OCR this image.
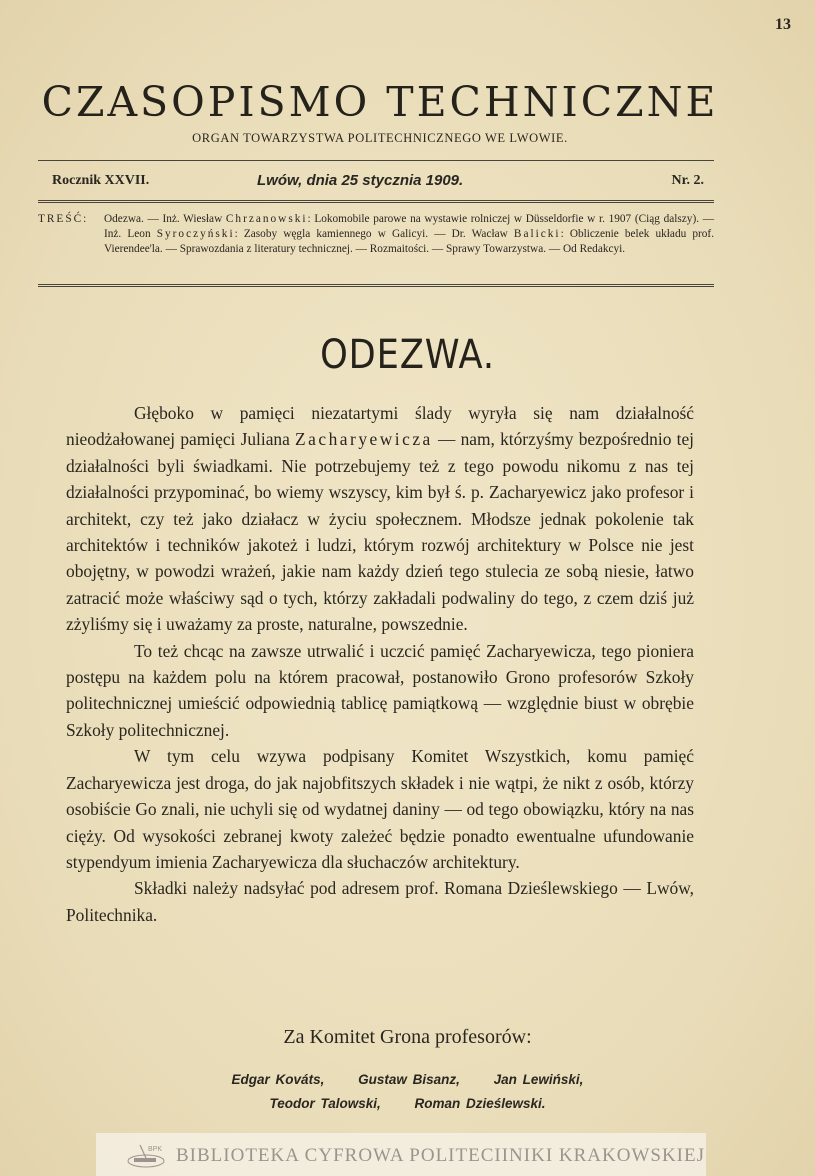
13
CZASOPISMO TECHNICZNE
ORGAN TOWARZYSTWA POLITECHNICZNEGO WE LWOWIE.
Rocznik XXVII.	Lwów, dnia 25 stycznia 1909.	Nr. 2.
TREŚĆ: Odezwa. — Inż. Wiesław Chrzanowski: Lokomobile parowe na wystawie rolniczej w Düsseldorfie w r. 1907 (Ciąg dalszy). — Inż. Leon Syroczyński: Zasoby węgla kamiennego w Galicyi. — Dr. Wacław Balicki: Obliczenie belek układu prof. Vierendee'la. — Sprawozdania z literatury technicznej. — Rozmaitości. — Sprawy Towarzystwa. — Od Redakcyi.
ODEZWA.

Głęboko w pamięci niezatartymi ślady wyryła się nam działalność nieodżałowanej pamięci Juliana Zacharyewicza — nam, którzyśmy bezpośrednio tej działalności byli świadkami. Nie potrzebujemy też z tego powodu nikomu z nas tej działalności przypominać, bo wiemy wszyscy, kim był ś. p. Zacharyewicz jako profesor i architekt, czy też jako działacz w życiu społecznem. Młodsze jednak pokolenie tak architektów i techników jakoteż i ludzi, którym rozwój architektury w Polsce nie jest obojętny, w powodzi wrażeń, jakie nam każdy dzień tego stulecia ze sobą niesie, łatwo zatracić może właściwy sąd o tych, którzy zakładali podwaliny do tego, z czem dziś już zżyliśmy się i uważamy za proste, naturalne, powszednie.

To też chcąc na zawsze utrwalić i uczcić pamięć Zacharyewicza, tego pioniera postępu na każdem polu na którem pracował, postanowiło Grono profesorów Szkoły politechnicznej umieścić odpowiednią tablicę pamiątkową — względnie biust w obrębie Szkoły politechnicznej.

W tym celu wzywa podpisany Komitet Wszystkich, komu pamięć Zacharyewicza jest droga, do jak najobfitszych składek i nie wątpi, że nikt z osób, którzy osobiście Go znali, nie uchyli się od wydatnej daniny — od tego obowiązku, który na nas cięży. Od wysokości zebranej kwoty zależeć będzie ponadto ewentualne ufundowanie stypendyum imienia Zacharyewicza dla słuchaczów architektury.

Składki należy nadsyłać pod adresem prof. Romana Dzieślewskiego — Lwów, Politechnika.

Za Komitet Grona profesorów:
Edgar Kováts,	Gustaw Bisanz,	Jan Lewiński,
Teodor Talowski,	Roman Dzieślewski.
BPK BIBLIOTEKA CYFROWA POLITECIINIKI KRAKOWSKIEJ
